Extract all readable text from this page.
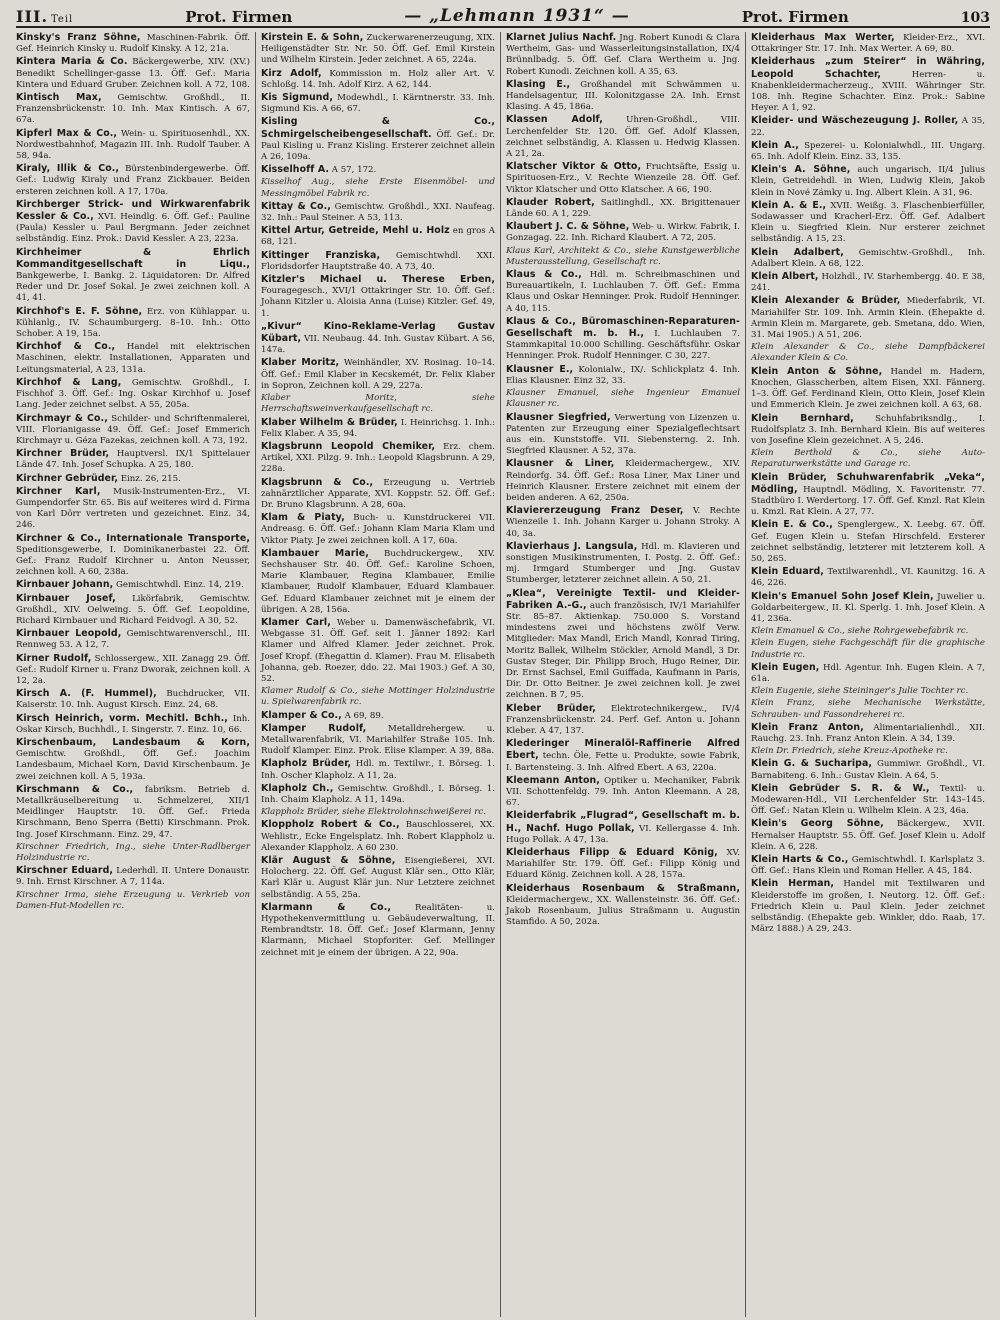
III. Teil	Prot. Firmen	— „Lehmann 1931“ —	Prot. Firmen	103
Kinsky's Franz Söhne, Maschinen-Fabrik. Öff. Gef. Heinrich Kinsky u. Rudolf Kinsky. A 12, 21a.
Kintera Maria & Co. Bäckergewerbe, XIV. (XV.) Benedikt Schellinger-gasse 13. Öff. Gef.: Maria Kintera und Eduard Gruber. Zeichnen koll. A 72, 108.
Kintisch Max, Gemischtw. Großhdl., II. Franzensbrückenstr. 10. Inh. Max Kintisch. A 67, 67a.
Kipferl Max & Co., Wein- u. Spirituosenhdl., XX. Nordwestbahnhof, Magazin III. Inh. Rudolf Tauber. A 58, 94a.
Kiraly, Illik & Co., Bürstenbindergewerbe. Öff. Gef.: Ludwig Kiraly und Franz Zickbauer. Beiden ersteren zeichnen koll. A 17, 170a.
Kirchberger Strick- und Wirkwarenfabrik Kessler & Co., XVI. Heindlg. 6. Öff. Gef.: Pauline (Paula) Kessler u. Paul Bergmann. Jeder zeichnet selbständig. Einz. Prok.: David Kessler. A 23, 223a.
Kirchheimer & Ehrlich Kommanditgesellschaft in Liqu., Bankgewerbe, I. Bankg. 2. Liquidatoren: Dr. Alfred Reder und Dr. Josef Sokal. Je zwei zeichnen koll. A 41, 41.
Kirchhof's E. F. Söhne, Erz. von Kühlappar. u. Kühlanlg., IV. Schaumburgerg. 8–10. Inh.: Otto Schober. A 19, 15a.
Kirchhof & Co., Handel mit elektrischen Maschinen, elektr. Installationen, Apparaten und Leitungsmaterial, A 23, 131a.
Kirchhof & Lang, Gemischtw. Großhdl., I. Fischhof 3. Öff. Gef.: Ing. Oskar Kirchhof u. Josef Lang. Jeder zeichnet selbst. A 55, 205a.
Kirchmayr & Co., Schilder- und Schriftenmalerei, VIII. Florianigasse 49. Öff. Gef.: Josef Emmerich Kirchmayr u. Géza Fazekas, zeichnen koll. A 73, 192.
Kirchner Brüder, Hauptversl. IX/1 Spittelauer Lände 47. Inh. Josef Schupka. A 25, 180.
Kirchner Gebrüder, Einz. 26, 215.
Kirchner Karl, Musik-Instrumenten-Erz., VI. Gumpendorfer Str. 65. Bis auf weiteres wird d. Firma von Karl Dörr vertreten und gezeichnet. Einz. 34, 246.
Kirchner & Co., Internationale Transporte, Speditionsgewerbe, I. Dominikanerbastei 22. Öff. Gef.: Franz Rudolf Kirchner u. Anton Neusser, zeichnen koll. A 60, 238a.
Kirnbauer Johann, Gemischtwhdl. Einz. 14, 219.
Kirnbauer Josef, Likörfabrik, Gemischtw. Großhdl., XIV. Oelweing. 5. Öff. Gef. Leopoldine, Richard Kirnbauer und Richard Feidvogl. A 30, 52.
Kirnbauer Leopold, Gemischtwarenverschl., III. Rennweg 53. A 12, 7.
Kirner Rudolf, Schlossergew., XII. Zanagg 29. Öff. Gef.: Rudolf Kirner u. Franz Dworak, zeichnen koll. A 12, 2a.
Kirsch A. (F. Hummel), Buchdrucker, VII. Kaiserstr. 10. Inh. August Kirsch. Einz. 24, 68.
Kirsch Heinrich, vorm. Mechitl. Bchh., Inh. Oskar Kirsch, Buchhdl., I. Singerstr. 7. Einz. 10, 66.
Kirschenbaum, Landesbaum & Korn, Gemischtw. Großhdl., Öff. Gef.: Joachim Landesbaum, Michael Korn, David Kirschenbaum. Je zwei zeichnen koll. A 5, 193a.
Kirschmann & Co., fabriksm. Betrieb d. Metallkräuselbereitung u. Schmelzerei, XII/1 Meidlinger Hauptstr. 10. Öff. Gef.: Frieda Kirschmann, Beno Sperra (Betti) Kirschmann. Prok. Ing. Josef Kirschmann. Einz. 29, 47.
Kirschner Friedrich, Ing., siehe Unter-Radlberger Holzindustrie rc.
Kirschner Eduard, Lederhdl. II. Untere Donaustr. 9. Inh. Ernst Kirschner. A 7, 114a.
Kirschner Irma, siehe Erzeugung u. Verkrieb von Damen-Hut-Modellen rc.
Kirstein E. & Sohn, Zuckerwarenerzeugung, XIX. Heiligenstädter Str. Nr. 50. Öff. Gef. Emil Kirstein und Wilhelm Kirstein. Jeder zeichnet. A 65, 224a.
Kirz Adolf, Kommission m. Holz aller Art. V. Schloßg. 14. Inh. Adolf Kirz. A 62, 144.
Kis Sigmund, Modewhdl., I. Kärntnerstr. 33. Inh. Sigmund Kis. A 66, 67.
Kisling & Co., Schmirgelscheibengesellschaft. Öff. Gef.: Dr. Paul Kisling u. Franz Kisling. Ersterer zeichnet allein A 26, 109a.
Kisselhoff A. A 57, 172.
Kisselhof Aug., siehe Erste Eisenmöbel- und Messingmöbel Fabrik rc.
Kittay & Co., Gemischtw. Großhdl., XXI. Naufeag. 32. Inh.: Paul Steiner. A 53, 113.
Kittel Artur, Getreide, Mehl u. Holz en gros A 68, 121.
Kittinger Franziska, Gemischtwhdl. XXI. Floridsdorfer Hauptstraße 40. A 73, 40.
Kitzler's Michael u. Therese Erben, Fouragegesch., XVI/1 Ottakringer Str. 10. Öff. Gef.: Johann Kitzler u. Aloisia Anna (Luise) Kitzler. Gef. 49, 1.
„Kivur“ Kino-Reklame-Verlag Gustav Kübart, VII. Neubaug. 44. Inh. Gustav Kübart. A 56, 147a.
Klaber Moritz, Weinhändler, XV. Rosinag. 10–14. Öff. Gef.: Emil Klaber in Kecskemét, Dr. Felix Klaber in Sopron, Zeichnen koll. A 29, 227a.
Klaber Moritz, siehe Herrschaftsweinverkaufgesellschaft rc.
Klaber Wilhelm & Brüder, I. Heinrichsg. 1. Inh.: Felix Klaber. A 35, 94.
Klagsbrunn Leopold Chemiker, Erz. chem. Artikel, XXI. Pilzg. 9. Inh.: Leopold Klagsbrunn. A 29, 228a.
Klagsbrunn & Co., Erzeugung u. Vertrieb zahnärztlicher Apparate, XVI. Koppstr. 52. Öff. Gef.: Dr. Bruno Klagsbrunn. A 28, 60a.
Klam & Piaty, Buch- u. Kunstdruckerei VII. Andreasg. 6. Öff. Gef.: Johann Klam Maria Klam und Viktor Piaty. Je zwei zeichnen koll. A 17, 60a.
Klambauer Marie, Buchdruckergew., XIV. Sechshauser Str. 40. Öff. Gef.: Karoline Schoen, Marie Klambauer, Regina Klambauer, Emilie Klambauer, Rudolf Klambauer, Eduard Klambauer. Gef. Eduard Klambauer zeichnet mit je einem der übrigen. A 28, 156a.
Klamer Carl, Weber u. Damenwäschefabrik, VI. Webgasse 31. Öff. Gef. seit 1. Jänner 1892: Karl Klamer und Alfred Klamer. Jeder zeichnet. Prok. Josef Kropf. (Ehegattin d. Klamer). Frau M. Elisabeth Johanna, geb. Roezer, ddo. 22. Mai 1903.) Gef. A 30, 52.
Klamer Rudolf & Co., siehe Mottinger Holzindustrie u. Spielwarenfabrik rc.
Klamper & Co., A 69, 89.
Klamper Rudolf,	Metalldrehergew. u. Metallwarenfabrik, VI. Mariahilfer Straße 105. Inh. Rudolf Klamper. Einz. Prok. Elise Klamper. A 39, 88a.
Klapholz Brüder, Hdl. m. Textilwr., I. Börseg. 1. Inh. Oscher Klapholz. A 11, 2a.
Klapholz Ch., Gemischtw. Großhdl., I. Börseg. 1. Inh. Chaim Klapholz. A 11, 149a.
Klappholz Brüder, siehe Elektrolohnschweißerei rc.
Kloppholz Robert & Co., Bauschlosserei, XX. Wehlistr., Ecke Engelsplatz. Inh. Robert Klappholz u. Alexander Klappholz. A 60 230.
Klär August & Söhne, Eisengießerei, XVI. Holocherg. 22. Öff. Gef. August Klär sen., Otto Klär, Karl Klär u. August Klär jun. Nur Letztere zeichnet selbständig. A 55, 25a.
Klarmann & Co.,	Realitäten- u. Hypothekenvermittlung u. Gebäudeverwaltung, II. Rembrandtstr. 18. Öff. Gef.: Josef Klarmann, Jenny Klarmann, Michael Stopforiter. Gef. Mellinger zeichnet mit je einem der übrigen. A 22, 90a.
Klarnet Julius Nachf. Jng. Robert Kunodi & Clara Wertheim, Gas- und Wasserleitungsinstallation, IX/4 Brünnlbadg. 5. Öff. Gef. Clara Wertheim u. Jng. Robert Kunodi. Zeichnen koll. A 35, 63.
Klasing E., Großhandel mit Schwämmen u. Handelsagentur, III. Kolonitzgasse 2A. Inh. Ernst Klasing. A 45, 186a.
Klassen Adolf,	Uhren-Großhdl., VIII. Lerchenfelder Str. 120. Öff. Gef. Adolf Klassen, zeichnet selbständig, A. Klassen u. Hedwig Klassen. A 21, 2a.
Klatscher Viktor & Otto, Fruchtsäfte, Essig u. Spirituosen-Erz., V. Rechte Wienzeile 28. Öff. Gef. Viktor Klatscher und Otto Klatscher. A 66, 190.
Klauder Robert, Saitlinghdl., XX. Brigittenauer Lände 60. A 1, 229.
Klaubert J. C. & Söhne, Web- u. Wirkw. Fabrik, I. Gonzagag. 22. Inh. Richard Klaubert. A 72, 205.
Klaus Karl, Architekt & Co., siehe Kunstgewerbliche Musterausstellung, Gesellschaft rc.
Klaus & Co., Hdl. m. Schreibmaschinen und Bureauartikeln, I. Luchlauben 7. Öff. Gef.: Emma Klaus und Oskar Henninger. Prok. Rudolf Henninger. A 40, 115.
Klaus & Co., Büromaschinen-Reparaturen-Gesellschaft m. b. H., I. Luchlauben 7. Stammkapital 10.000 Schilling. Geschäftsführ. Oskar Henninger. Prok. Rudolf Henninger. C 30, 227.
Klausner E., Kolonialw., IX/. Schlickplatz 4. Inh. Elias Klausner. Einz 32, 33.
Klausner Emanuel, siehe Ingenieur Emanuel Klausner rc.
Klausner Siegfried, Verwertung von Lizenzen u. Patenten zur Erzeugung einer Spezialgeflechtsart aus ein. Kunststoffe. VII. Siebensterng. 2. Inh. Siegfried Klausner. A 52, 37a.
Klausner & Liner, Kleidermachergew., XIV. Reindorfg. 34. Öff. Gef.: Rosa Liner, Max Liner und Heinrich Klausner. Erstere zeichnet mit einem der beiden anderen. A 62, 250a.
Klaviererzeugung Franz Deser, V. Rechte Wienzeile 1. Inh. Johann Karger u. Johann Stroky. A 40, 3a.
Klavierhaus J. Langsula, Hdl. m. Klavieren und sonstigen Musikinstrumenten, I. Postg. 2. Öff. Gef.: mj. Irmgard Stumberger und Jng. Gustav Stumberger, letzterer zeichnet allein. A 50, 21.
„Klea“, Vereinigte Textil- und Kleider-Fabriken A.-G., auch französisch, IV/1 Mariahilfer Str. 85–87. Aktienkap. 750.000 S. Vorstand mindestens zwei und höchstens zwölf Verw. Mitglieder: Max Mandl, Erich Mandl, Konrad Tiring, Moritz Ballek, Wilhelm Stöckler, Arnold Mandl, 3 Dr. Gustav Steger, Dir. Philipp Broch, Hugo Reiner, Dir. Dr. Ernst Sachsel, Emil Guiffada, Kaufmann in Paris, Dir. Dr. Otto Beitner. Je zwei zeichnen koll. Je zwei zeichnen. B 7, 95.
Kleber Brüder, Elektrotechnikergew., IV/4 Franzensbrückenstr. 24. Perf. Gef. Anton u. Johann Kleber. A 47, 137.
Klederinger Mineralöl-Raffinerie Alfred Ebert, techn. Öle, Fette u. Produkte, sowie Fabrik, I. Bartensteing. 3. Inh. Alfred Ebert. A 63, 220a.
Kleemann Anton, Optiker u. Mechaniker, Fabrik VII. Schottenfeldg. 79. Inh. Anton Kleemann. A 28, 67.
Kleiderfabrik „Flugrad“, Gesellschaft m. b. H., Nachf. Hugo Pollak, VI. Kellergasse 4. Inh. Hugo Pollak. A 47, 13a.
Kleiderhaus Filipp & Eduard König, XV. Mariahilfer Str. 179. Öff. Gef.: Filipp König und Eduard König. Zeichnen koll. A 28, 157a.
Kleiderhaus Rosenbaum & Straßmann, Kleidermachergew., XX. Wallensteinstr. 36. Öff. Gef.: Jakob Rosenbaum, Julius Straßmann u. Augustin Stamfido. A 50, 202a.
Kleiderhaus Max Werter, Kleider-Erz., XVI. Ottakringer Str. 17. Inh. Max Werter. A 69, 80.
Kleiderhaus „zum Steirer“ in Währing, Leopold Schachter,	Herren- u. Knabenkleidermacherzeug., XVIII. Währinger Str. 108. Inh. Regine Schachter. Einz. Prok.: Sabine Heyer. A 1, 92.
Kleider- und Wäschezeugung J. Roller, A 35, 22.
Klein A., Spezerei- u. Kolonialwhdl., III. Ungarg. 65. Inh. Adolf Klein. Einz. 33, 135.
Klein's A. Söhne, auch ungarisch, II/4 Julius Klein, Getreidehdl. in Wien, Ludwig Klein, Jakob Klein in Nové Zámky u. Ing. Albert Klein. A 31, 96.
Klein A. & E., XVII. Weißg. 3. Flaschenbierfüller, Sodawasser und Kracherl-Erz. Öff. Gef. Adalbert Klein u. Siegfried Klein. Nur ersterer zeichnet selbständig. A 15, 23.
Klein Adalbert, Gemischtw.-Großhdl., Inh. Adalbert Klein. A 68, 122.
Klein Albert, Holzhdl., IV. Starhembergg. 40. E 38, 241.
Klein Alexander & Brüder, Miederfabrik, VI. Mariahilfer Str. 109. Inh. Armin Klein. (Ehepakte d. Armin Klein m. Margarete, geb. Smetana, ddo. Wien, 31. Mai 1905.) A 51, 206.
Klein Alexander & Co., siehe Dampfbäckerei Alexander Klein & Co.
Klein Anton & Söhne, Handel m. Hadern, Knochen, Glasscherben, altem Eisen, XXI. Fännerg. 1–3. Öff. Gef. Ferdinand Klein, Otto Klein, Josef Klein und Emmerich Klein. Je zwei zeichnen koll. A 63, 68.
Klein Bernhard, Schuhfabriksndlg., I. Rudolfsplatz 3. Inh. Bernhard Klein. Bis auf weiteres von Josefine Klein gezeichnet. A 5, 246.
Klein Berthold & Co., siehe Auto-Reparaturwerkstätte und Garage rc.
Klein Brüder, Schuhwarenfabrik „Veka“, Mödling, Hauptndl. Mödling, X. Favoritenstr. 77. Stadtbüro I. Werdertorg. 17. Öff. Gef. Kmzl. Rat Klein u. Kmzl. Rat Klein. A 27, 77.
Klein E. & Co., Spenglergew., X. Leebg. 67. Öff. Gef. Eugen Klein u. Stefan Hirschfeld. Ersterer zeichnet selbständig, letzterer mit letzterem koll. A 50, 265.
Klein Eduard, Textilwarenhdl., VI. Kaunitzg. 16. A 46, 226.
Klein's Emanuel Sohn Josef Klein, Juwelier u. Goldarbeitergew., II. Kl. Sperlg. 1. Inh. Josef Klein. A 41, 236a.
Klein Emanuel & Co., siehe Rohrgewebefabrik rc.
Klein Eugen, siehe Fachgeschäft für die graphische Industrie rc.
Klein Eugen, Hdl. Agentur. Inh. Eugen Klein. A 7, 61a.
Klein Eugenie, siehe Steininger's Julie Tochter rc.
Klein Franz, siehe Mechanische Werkstätte, Schrauben- und Fassondreherei rc.
Klein Franz Anton, Alimentarialienhdl., XII. Rauchg. 23. Inh. Franz Anton Klein. A 34, 139.
Klein Dr. Friedrich, siehe Kreuz-Apotheke rc.
Klein G. & Sucharipa, Gummiwr. Großhdl., VI. Barnabiteng. 6. Inh.: Gustav Klein. A 64, 5.
Klein Gebrüder S. R. & W., Textil- u. Modewaren-Hdl., VII Lerchenfelder Str. 143–145. Öff. Gef.: Natan Klein u. Wilhelm Klein. A 23, 46a.
Klein's Georg Söhne, Bäckergew., XVII. Hernalser Hauptstr. 55. Öff. Gef. Josef Klein u. Adolf Klein. A 6, 228.
Klein Harts & Co., Gemischtwhdl. I. Karlsplatz 3. Öff. Gef.: Hans Klein und Roman Heller. A 45, 184.
Klein Herman, Handel mit Textilwaren und Kleiderstoffe im großen, I. Neutorg. 12. Öff. Gef.: Friedrich Klein u. Paul Klein. Jeder zeichnet selbständig. (Ehepakte geb. Winkler, ddo. Raab, 17. März 1888.) A 29, 243.
